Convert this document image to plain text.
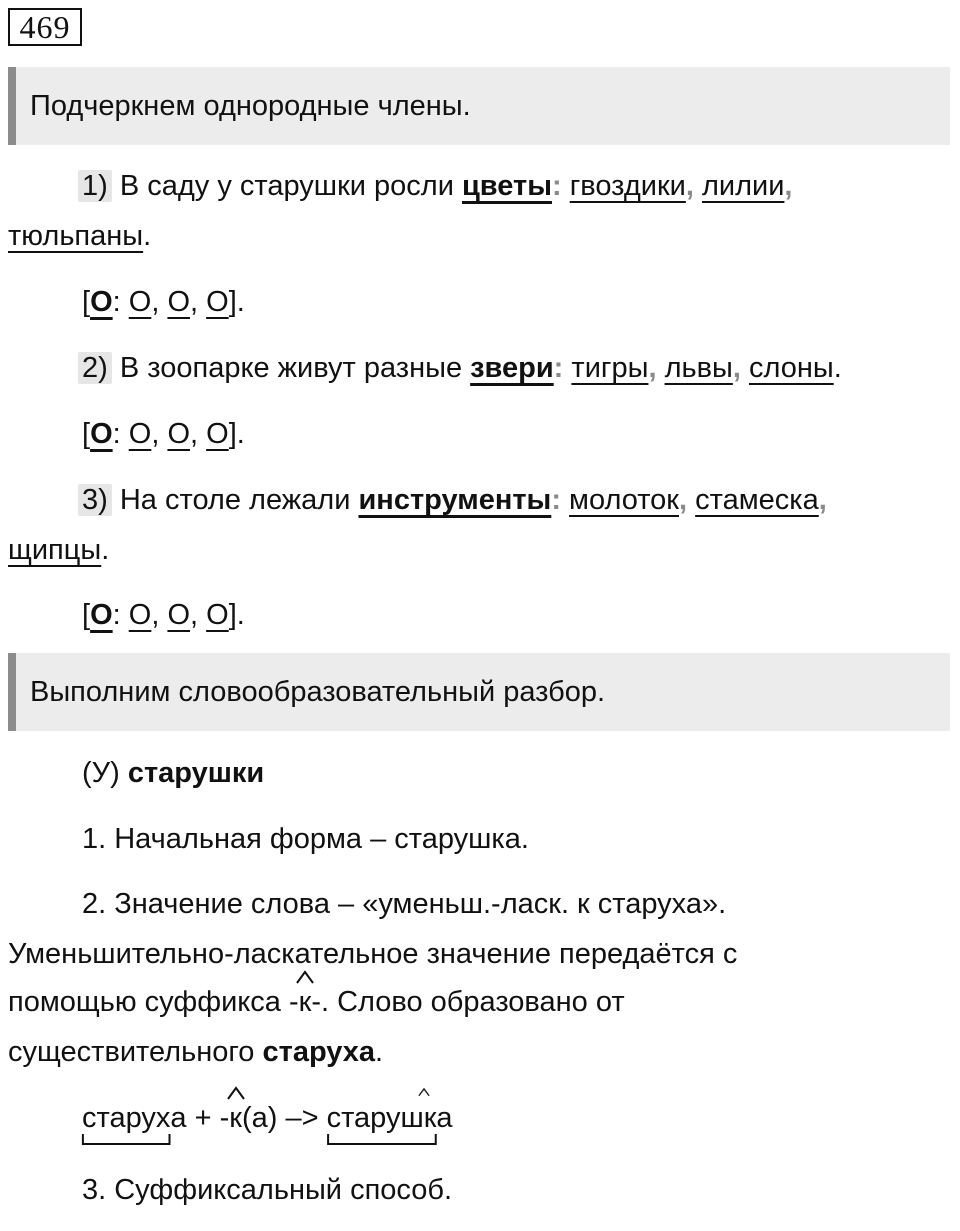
469
Подчеркнем однородные члены.
1) В саду у старушки росли цветы: гвоздики, лилии,
тюльпаны.
[О: О, О, О].
2) В зоопарке живут разные звери: тигры, львы, слоны.
[О: О, О, О].
3) На столе лежали инструменты: молоток, стамеска,
щипцы.
[О: О, О, О].
Выполним словообразовательный разбор.
(У) старушки
1. Начальная форма – старушка.
2. Значение слова – «уменьш.-ласк. к старуха».
Уменьшительно-ласкательное значение передаётся с
помощью суффикса -
к-. Слово образовано от
существительного старуха.
старух
а + -
к(а) –> старуш
к
а
3. Суффиксальный способ.
